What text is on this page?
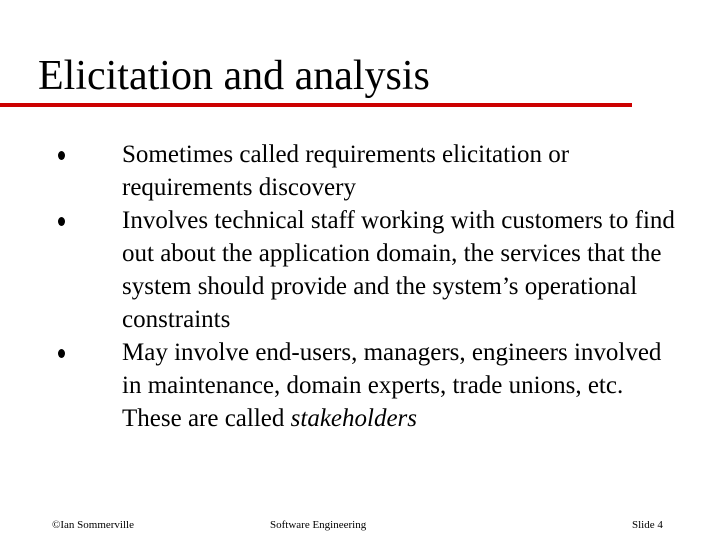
Elicitation and analysis
Sometimes called requirements elicitation or requirements discovery
Involves technical staff working with customers to find out about the application domain, the services that the system should provide and the system’s operational constraints
May involve end-users, managers, engineers involved in maintenance, domain experts, trade unions, etc. These are called stakeholders
©Ian Sommerville	Software Engineering	Slide 4
